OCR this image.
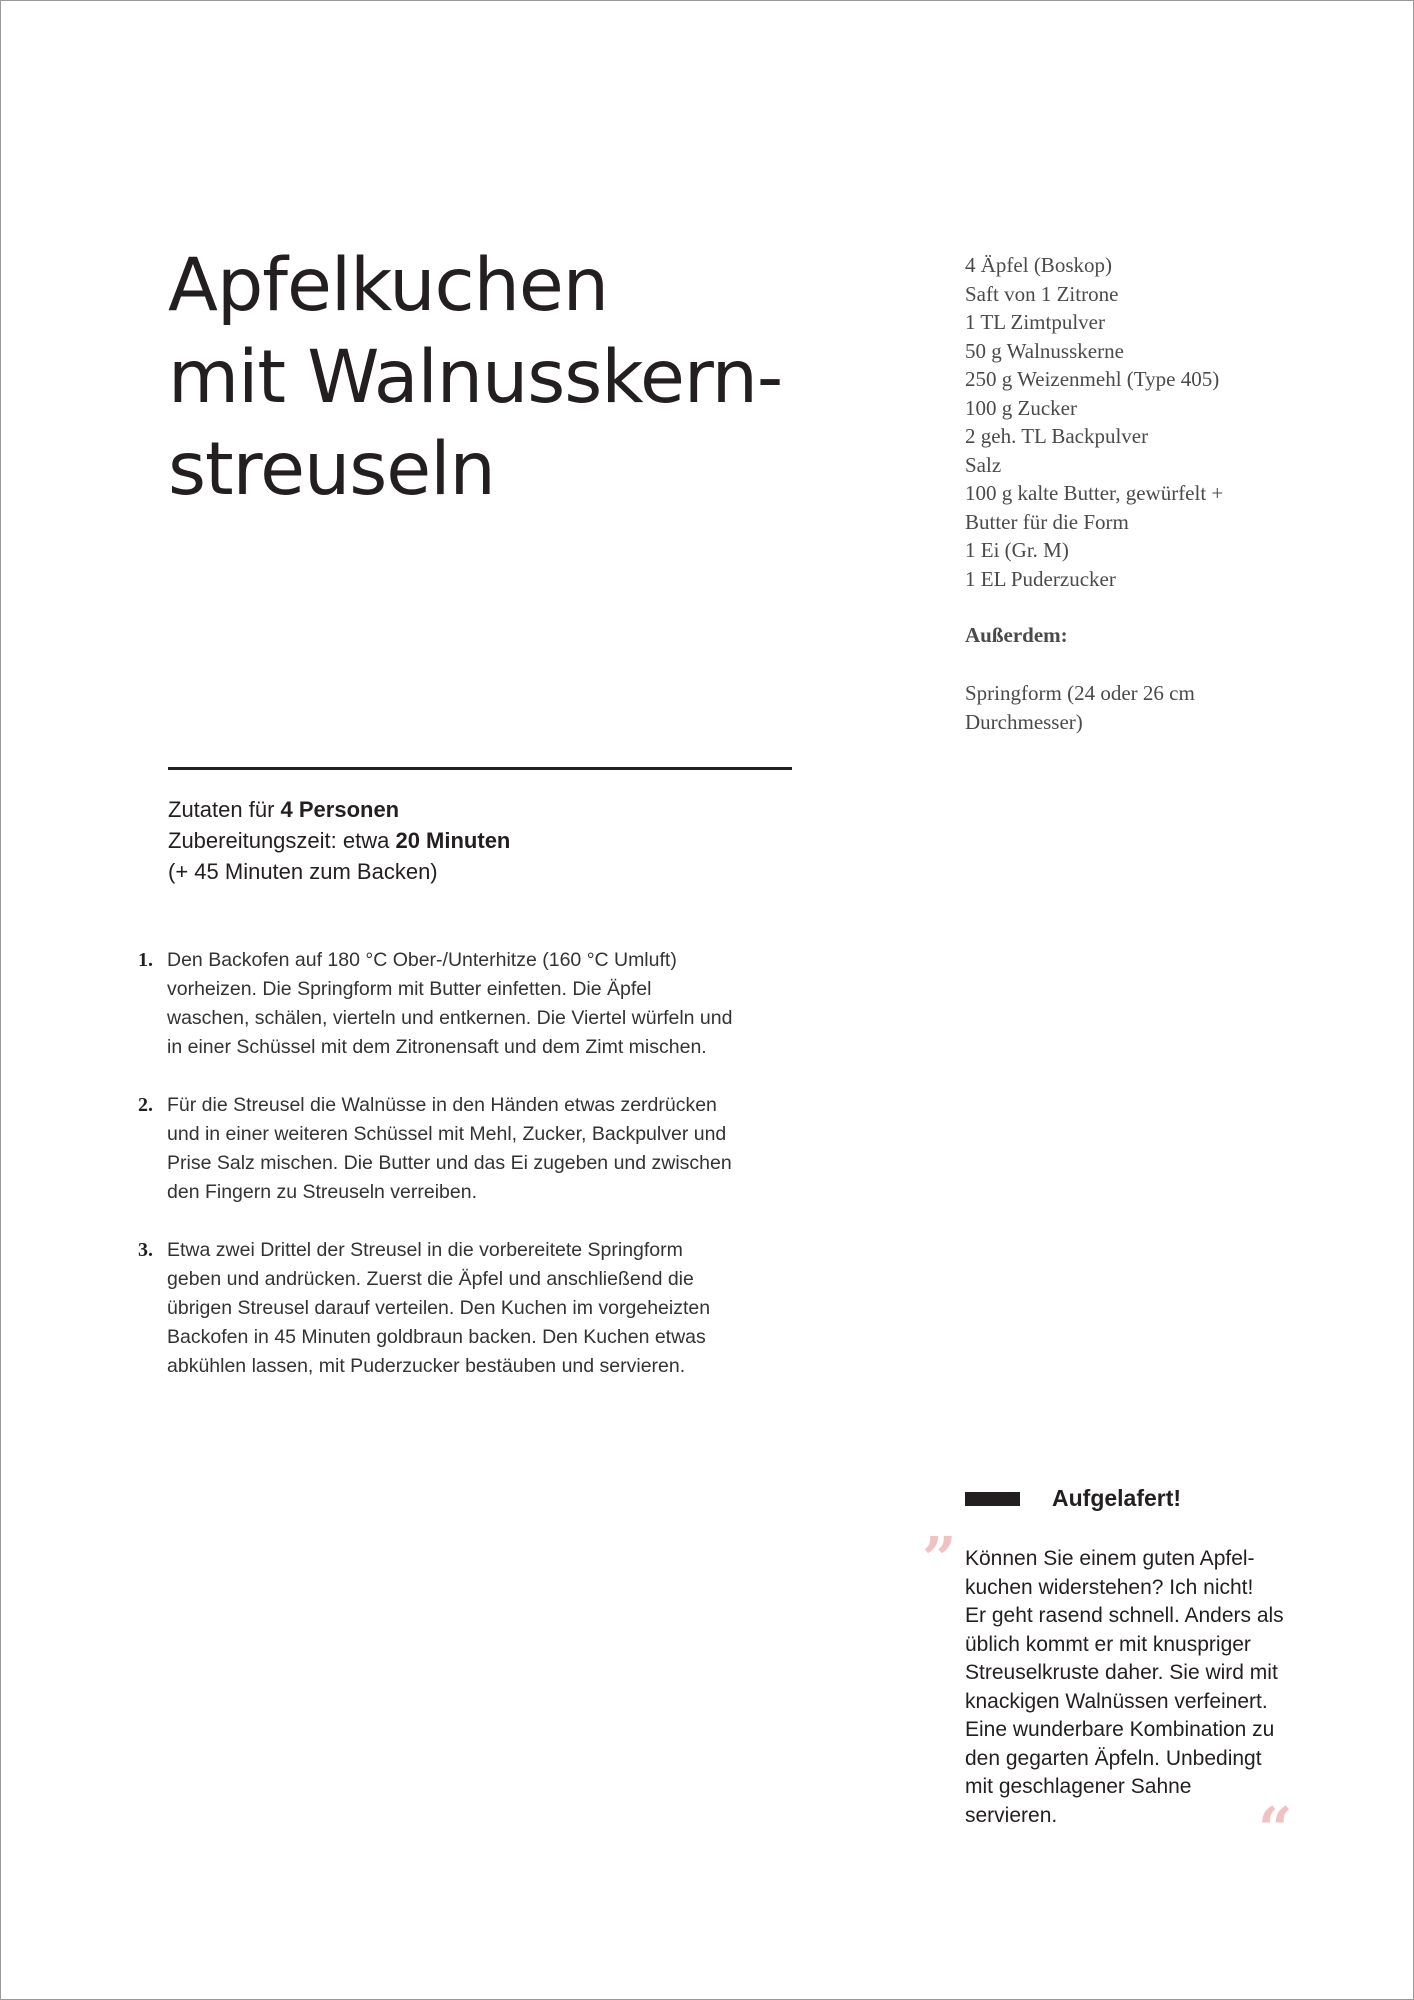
Apfelkuchen
mit Walnusskern-
streuseln
4 Äpfel (Boskop)
Saft von 1 Zitrone
1 TL Zimtpulver
50 g Walnusskerne
250 g Weizenmehl (Type 405)
100 g Zucker
2 geh. TL Backpulver
Salz
100 g kalte Butter, gewürfelt +
Butter für die Form
1 Ei (Gr. M)
1 EL Puderzucker
Außerdem:
Springform (24 oder 26 cm
Durchmesser)
Zutaten für 4 Personen
Zubereitungszeit: etwa 20 Minuten
(+ 45 Minuten zum Backen)
1. Den Backofen auf 180 °C Ober-/Unterhitze (160 °C Umluft)
vorheizen. Die Springform mit Butter einfetten. Die Äpfel
waschen, schälen, vierteln und entkernen. Die Viertel würfeln und
in einer Schüssel mit dem Zitronensaft und dem Zimt mischen.
2. Für die Streusel die Walnüsse in den Händen etwas zerdrücken
und in einer weiteren Schüssel mit Mehl, Zucker, Backpulver und
Prise Salz mischen. Die Butter und das Ei zugeben und zwischen
den Fingern zu Streuseln verreiben.
3. Etwa zwei Drittel der Streusel in die vorbereitete Springform
geben und andrücken. Zuerst die Äpfel und anschließend die
übrigen Streusel darauf verteilen. Den Kuchen im vorgeheizten
Backofen in 45 Minuten goldbraun backen. Den Kuchen etwas
abkühlen lassen, mit Puderzucker bestäuben und servieren.
Aufgelafert!
” Können Sie einem guten Apfel-
kuchen widerstehen? Ich nicht!
Er geht rasend schnell. Anders als
üblich kommt er mit knuspriger
Streuselkruste daher. Sie wird mit
knackigen Walnüssen verfeinert.
Eine wunderbare Kombination zu
den gegarten Äpfeln. Unbedingt
mit geschlagener Sahne
servieren.	“
